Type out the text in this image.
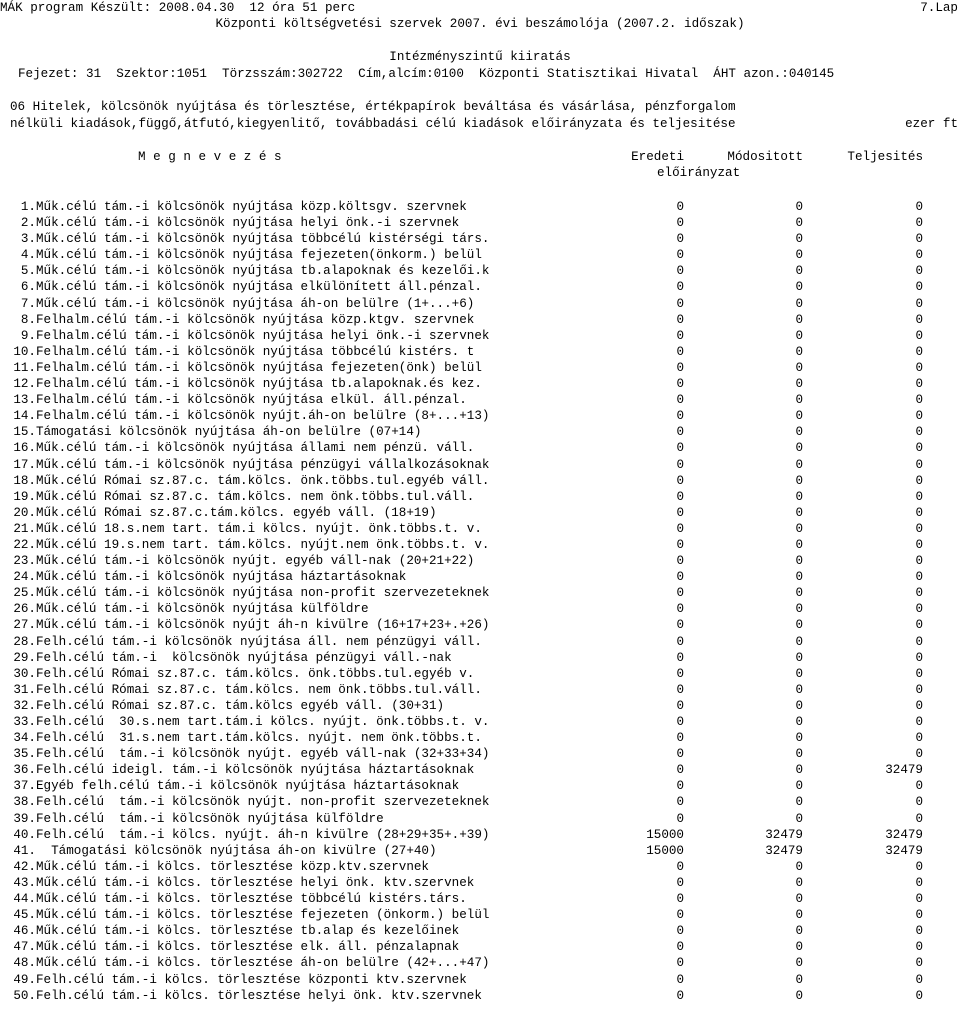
MÁK program Készült: 2008.04.30  12 óra 51 perc	7.Lap
Központi költségvetési szervek 2007. évi beszámolója (2007.2. időszak)
Intézményszintű kiiratás
Fejezet: 31  Szektor:1051  Törzsszám:302722  Cím,alcím:0100  Központi Statisztikai Hivatal  ÁHT azon.:040145
06 Hitelek, kölcsönök nyújtása és törlesztése, értékpapírok beváltása és vásárlása, pénzforgalom
nélküli kiadások,függő,átfutó,kiegyenlitő, továbbadási célú kiadások előirányzata és teljesitése	ezer ft
M e g n e v e z é s	Eredeti	Módositott	Teljesités
előirányzat
1. Műk.célú tám.-i kölcsönök nyújtása közp.költsgv. szervnek	0	0	0
2. Műk.célú tám.-i kölcsönök nyújtása helyi önk.-i szervnek	0	0	0
3. Műk.célú tám.-i kölcsönök nyújtása többcélú kistérségi társ.	0	0	0
4. Műk.célú tám.-i kölcsönök nyújtása fejezeten(önkorm.) belül	0	0	0
5. Műk.célú tám.-i kölcsönök nyújtása tb.alapoknak és kezelői.k	0	0	0
6. Műk.célú tám.-i kölcsönök nyújtása elkülönített áll.pénzal.	0	0	0
7. Műk.célú tám.-i kölcsönök nyújtása áh-on belülre (1+...+6)	0	0	0
8. Felhalm.célú tám.-i kölcsönök nyújtása közp.ktgv. szervnek	0	0	0
9. Felhalm.célú tám.-i kölcsönök nyújtása helyi önk.-i szervnek	0	0	0
10. Felhalm.célú tám.-i kölcsönök nyújtása többcélú kistérs. t	0	0	0
11. Felhalm.célú tám.-i kölcsönök nyújtása fejezeten(önk) belül	0	0	0
12. Felhalm.célú tám.-i kölcsönök nyújtása tb.alapoknak.és kez.	0	0	0
13. Felhalm.célú tám.-i kölcsönök nyújtása elkül. áll.pénzal.	0	0	0
14. Felhalm.célú tám.-i kölcsönök nyújt.áh-on belülre (8+...+13)	0	0	0
15. Támogatási kölcsönök nyújtása áh-on belülre (07+14)	0	0	0
16. Műk.célú tám.-i kölcsönök nyújtása állami nem pénzü. váll.	0	0	0
17. Műk.célú tám.-i kölcsönök nyújtása pénzügyi vállalkozásoknak	0	0	0
18. Műk.célú Római sz.87.c. tám.kölcs. önk.többs.tul.egyéb váll.	0	0	0
19. Műk.célú Római sz.87.c. tám.kölcs. nem önk.többs.tul.váll.	0	0	0
20. Műk.célú Római sz.87.c.tám.kölcs. egyéb váll. (18+19)	0	0	0
21. Műk.célú 18.s.nem tart. tám.i kölcs. nyújt. önk.többs.t. v.	0	0	0
22. Műk.célú 19.s.nem tart. tám.kölcs. nyújt.nem önk.többs.t. v.	0	0	0
23. Műk.célú tám.-i kölcsönök nyújt. egyéb váll-nak (20+21+22)	0	0	0
24. Műk.célú tám.-i kölcsönök nyújtása háztartásoknak	0	0	0
25. Műk.célú tám.-i kölcsönök nyújtása non-profit szervezeteknek	0	0	0
26. Műk.célú tám.-i kölcsönök nyújtása külföldre	0	0	0
27. Műk.célú tám.-i kölcsönök nyújt áh-n kivülre (16+17+23+.+26)	0	0	0
28. Felh.célú tám.-i kölcsönök nyújtása áll. nem pénzügyi váll.	0	0	0
29. Felh.célú tám.-i  kölcsönök nyújtása pénzügyi váll.-nak	0	0	0
30. Felh.célú Római sz.87.c. tám.kölcs. önk.többs.tul.egyéb v.	0	0	0
31. Felh.célú Római sz.87.c. tám.kölcs. nem önk.többs.tul.váll.	0	0	0
32. Felh.célú Római sz.87.c. tám.kölcs egyéb váll. (30+31)	0	0	0
33. Felh.célú  30.s.nem tart.tám.i kölcs. nyújt. önk.többs.t. v.	0	0	0
34. Felh.célú  31.s.nem tart.tám.kölcs. nyújt. nem önk.többs.t.	0	0	0
35. Felh.célú  tám.-i kölcsönök nyújt. egyéb váll-nak (32+33+34)	0	0	0
36. Felh.célú ideigl. tám.-i kölcsönök nyújtása háztartásoknak	0	0	32479
37. Egyéb felh.célú tám.-i kölcsönök nyújtása háztartásoknak	0	0	0
38. Felh.célú  tám.-i kölcsönök nyújt. non-profit szervezeteknek	0	0	0
39. Felh.célú  tám.-i kölcsönök nyújtása külföldre	0	0	0
40. Felh.célú  tám.-i kölcs. nyújt. áh-n kivülre (28+29+35+.+39)	15000	32479	32479
41. Támogatási kölcsönök nyújtása áh-on kivülre (27+40)	15000	32479	32479
42. Műk.célú tám.-i kölcs. törlesztése közp.ktv.szervnek	0	0	0
43. Műk.célú tám.-i kölcs. törlesztése helyi önk. ktv.szervnek	0	0	0
44. Műk.célú tám.-i kölcs. törlesztése többcélú kistérs.társ.	0	0	0
45. Műk.célú tám.-i kölcs. törlesztése fejezeten (önkorm.) belül	0	0	0
46. Műk.célú tám.-i kölcs. törlesztése tb.alap és kezelőinek	0	0	0
47. Műk.célú tám.-i kölcs. törlesztése elk. áll. pénzalapnak	0	0	0
48. Műk.célú tám.-i kölcs. törlesztése áh-on belülre (42+...+47)	0	0	0
49. Felh.célú tám.-i kölcs. törlesztése központi ktv.szervnek	0	0	0
50. Felh.célú tám.-i kölcs. törlesztése helyi önk. ktv.szervnek	0	0	0
